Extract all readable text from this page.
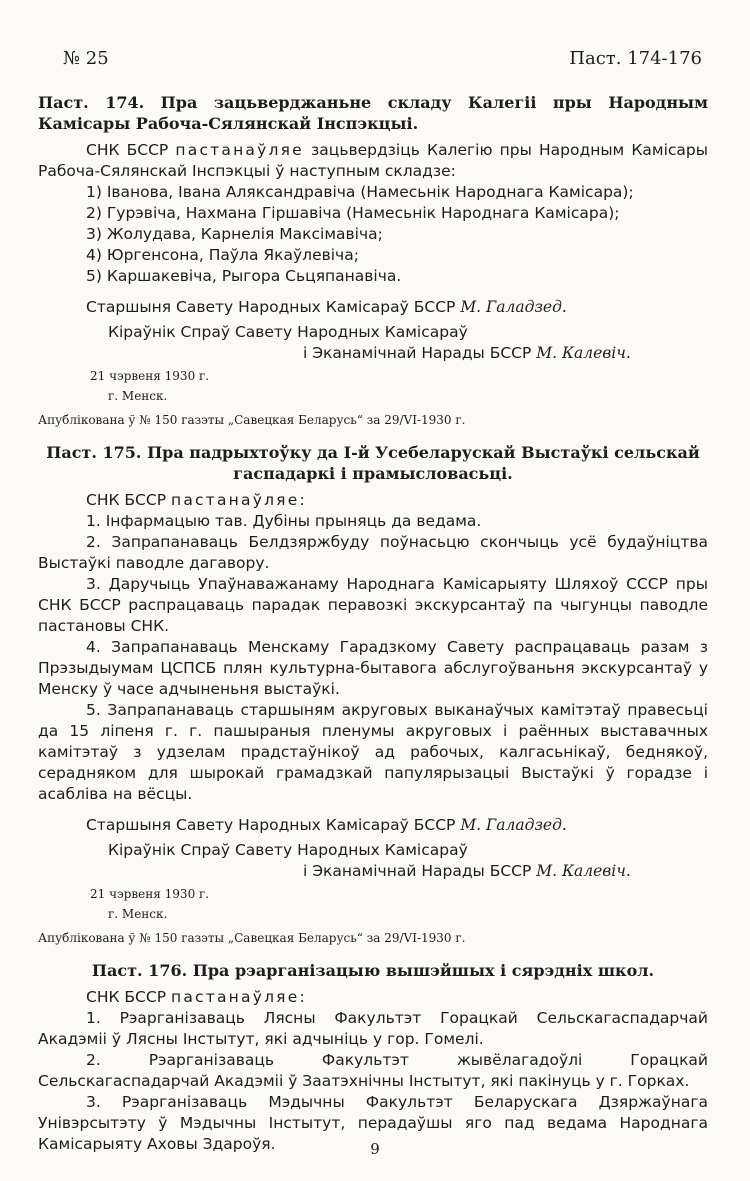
№ 25	Паст. 174-176

Паст. 174. Пра зацьверджаньне складу Калегіі пры Народным Камісары Рабоча-Сялянскай Інспэкцыі.

СНК БССР пастанаўляе зацьвердзіць Калегію пры Народным Камісары Рабоча-Сялянскай Інспэкцыі ў наступным складзе:

1) Іванова, Івана Аляксандравіча (Намесьнік Народнага Камісара);
2) Гурэвіча, Нахмана Гіршавіча (Намесьнік Народнага Камісара);
3) Жолудава, Карнелія Максімавіча;
4) Юргенсона, Паўла Якаўлевіча;
5) Каршакевіча, Рыгора Сьцяпанавіча.
Старшыня Савету Народных Камісараў БССР М. Галадзед.
Кіраўнік Спраў Савету Народных Камісараў
і Эканамічнай Нарады БССР М. Калевіч.
21 чэрвеня 1930 г.
г. Менск.
Апублікована ў № 150 газэты „Савецкая Беларусь“ за 29/VI-1930 г.

Паст. 175. Пра падрыхтоўку да І-й Усебеларускай Выстаўкі сельскай гаспадаркі і прамысловасьці.

СНК БССР пастанаўляе:

1. Інфармацыю тав. Дубіны прыняць да ведама.

2. Запрапанаваць Белдзяржбуду поўнасьцю скончыць усё будаўніцтва Выстаўкі паводле дагавору.

3. Даручыць Упаўнаважанаму Народнага Камісарыяту Шляхоў СССР пры СНК БССР распрацаваць парадак перавозкі экскурсантаў па чыгунцы паводле пастановы СНК.

4. Запрапанаваць Менскаму Гарадзкому Савету распрацаваць разам з Прэзыдыумам ЦСПСБ плян культурна-бытавога абслугоўваньня экскурсантаў у Менску ў часе адчыненьня выстаўкі.

5. Запрапанаваць старшыням акруговых выканаўчых камітэтаў правесьці да 15 ліпеня г. г. пашыраныя пленумы акруговых і раённых выставачных камітэтаў з удзелам прадстаўнікоў ад рабочых, калгасьнікаў, беднякоў, серадняком для шырокай грамадзкай папулярызацыі Выстаўкі ў горадзе і асабліва на вёсцы.

Старшыня Савету Народных Камісараў БССР М. Галадзед.
Кіраўнік Спраў Савету Народных Камісараў
і Эканамічнай Нарады БССР М. Калевіч.
21 чэрвеня 1930 г.
г. Менск.
Апублікована ў № 150 газэты „Савецкая Беларусь“ за 29/VI-1930 г.

Паст. 176. Пра рэарганізацыю вышэйшых і сярэдніх школ.

СНК БССР пастанаўляе:

1. Рэарганізаваць Лясны Факультэт Горацкай Сельскагаспадарчай Акадэміі ў Лясны Інстытут, які адчыніць у гор. Гомелі.

2. Рэарганізаваць Факультэт жывёлагадоўлі Горацкай Сельскагаспадарчай Акадэміі ў Заатэхнічны Інстытут, які пакінуць у г. Горках.

3. Рэарганізаваць Мэдычны Факультэт Беларускага Дзяржаўнага Унівэрсытэту ў Мэдычны Інстытут, перадаўшы яго пад ведама Народнага Камісарыяту Аховы Здароўя.	9
